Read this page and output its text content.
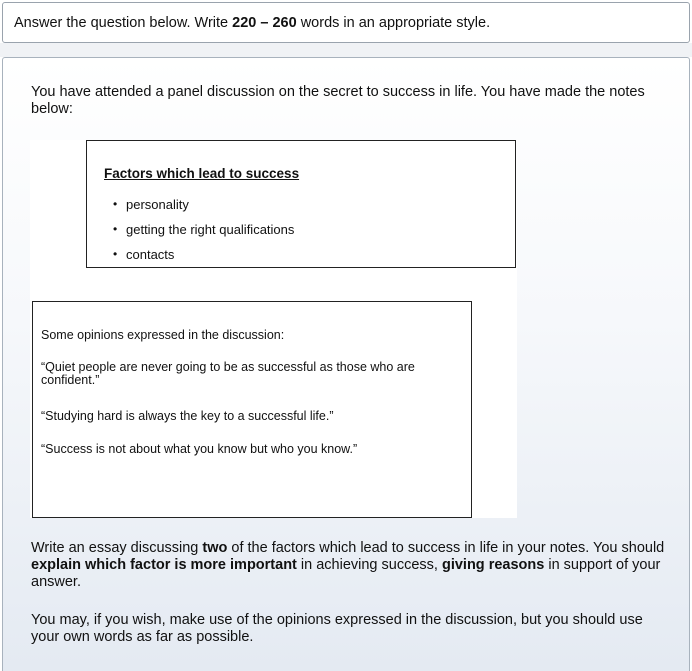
Answer the question below. Write 220 – 260 words in an appropriate style.

You have attended a panel discussion on the secret to success in life. You have made the notes below:

Factors which lead to success

• personality
• getting the right qualifications
• contacts

Some opinions expressed in the discussion:

“Quiet people are never going to be as successful as those who are confident.”

“Studying hard is always the key to a successful life.”

“Success is not about what you know but who you know.”

Write an essay discussing two of the factors which lead to success in life in your notes. You should explain which factor is more important in achieving success, giving reasons in support of your answer.

You may, if you wish, make use of the opinions expressed in the discussion, but you should use your own words as far as possible.
